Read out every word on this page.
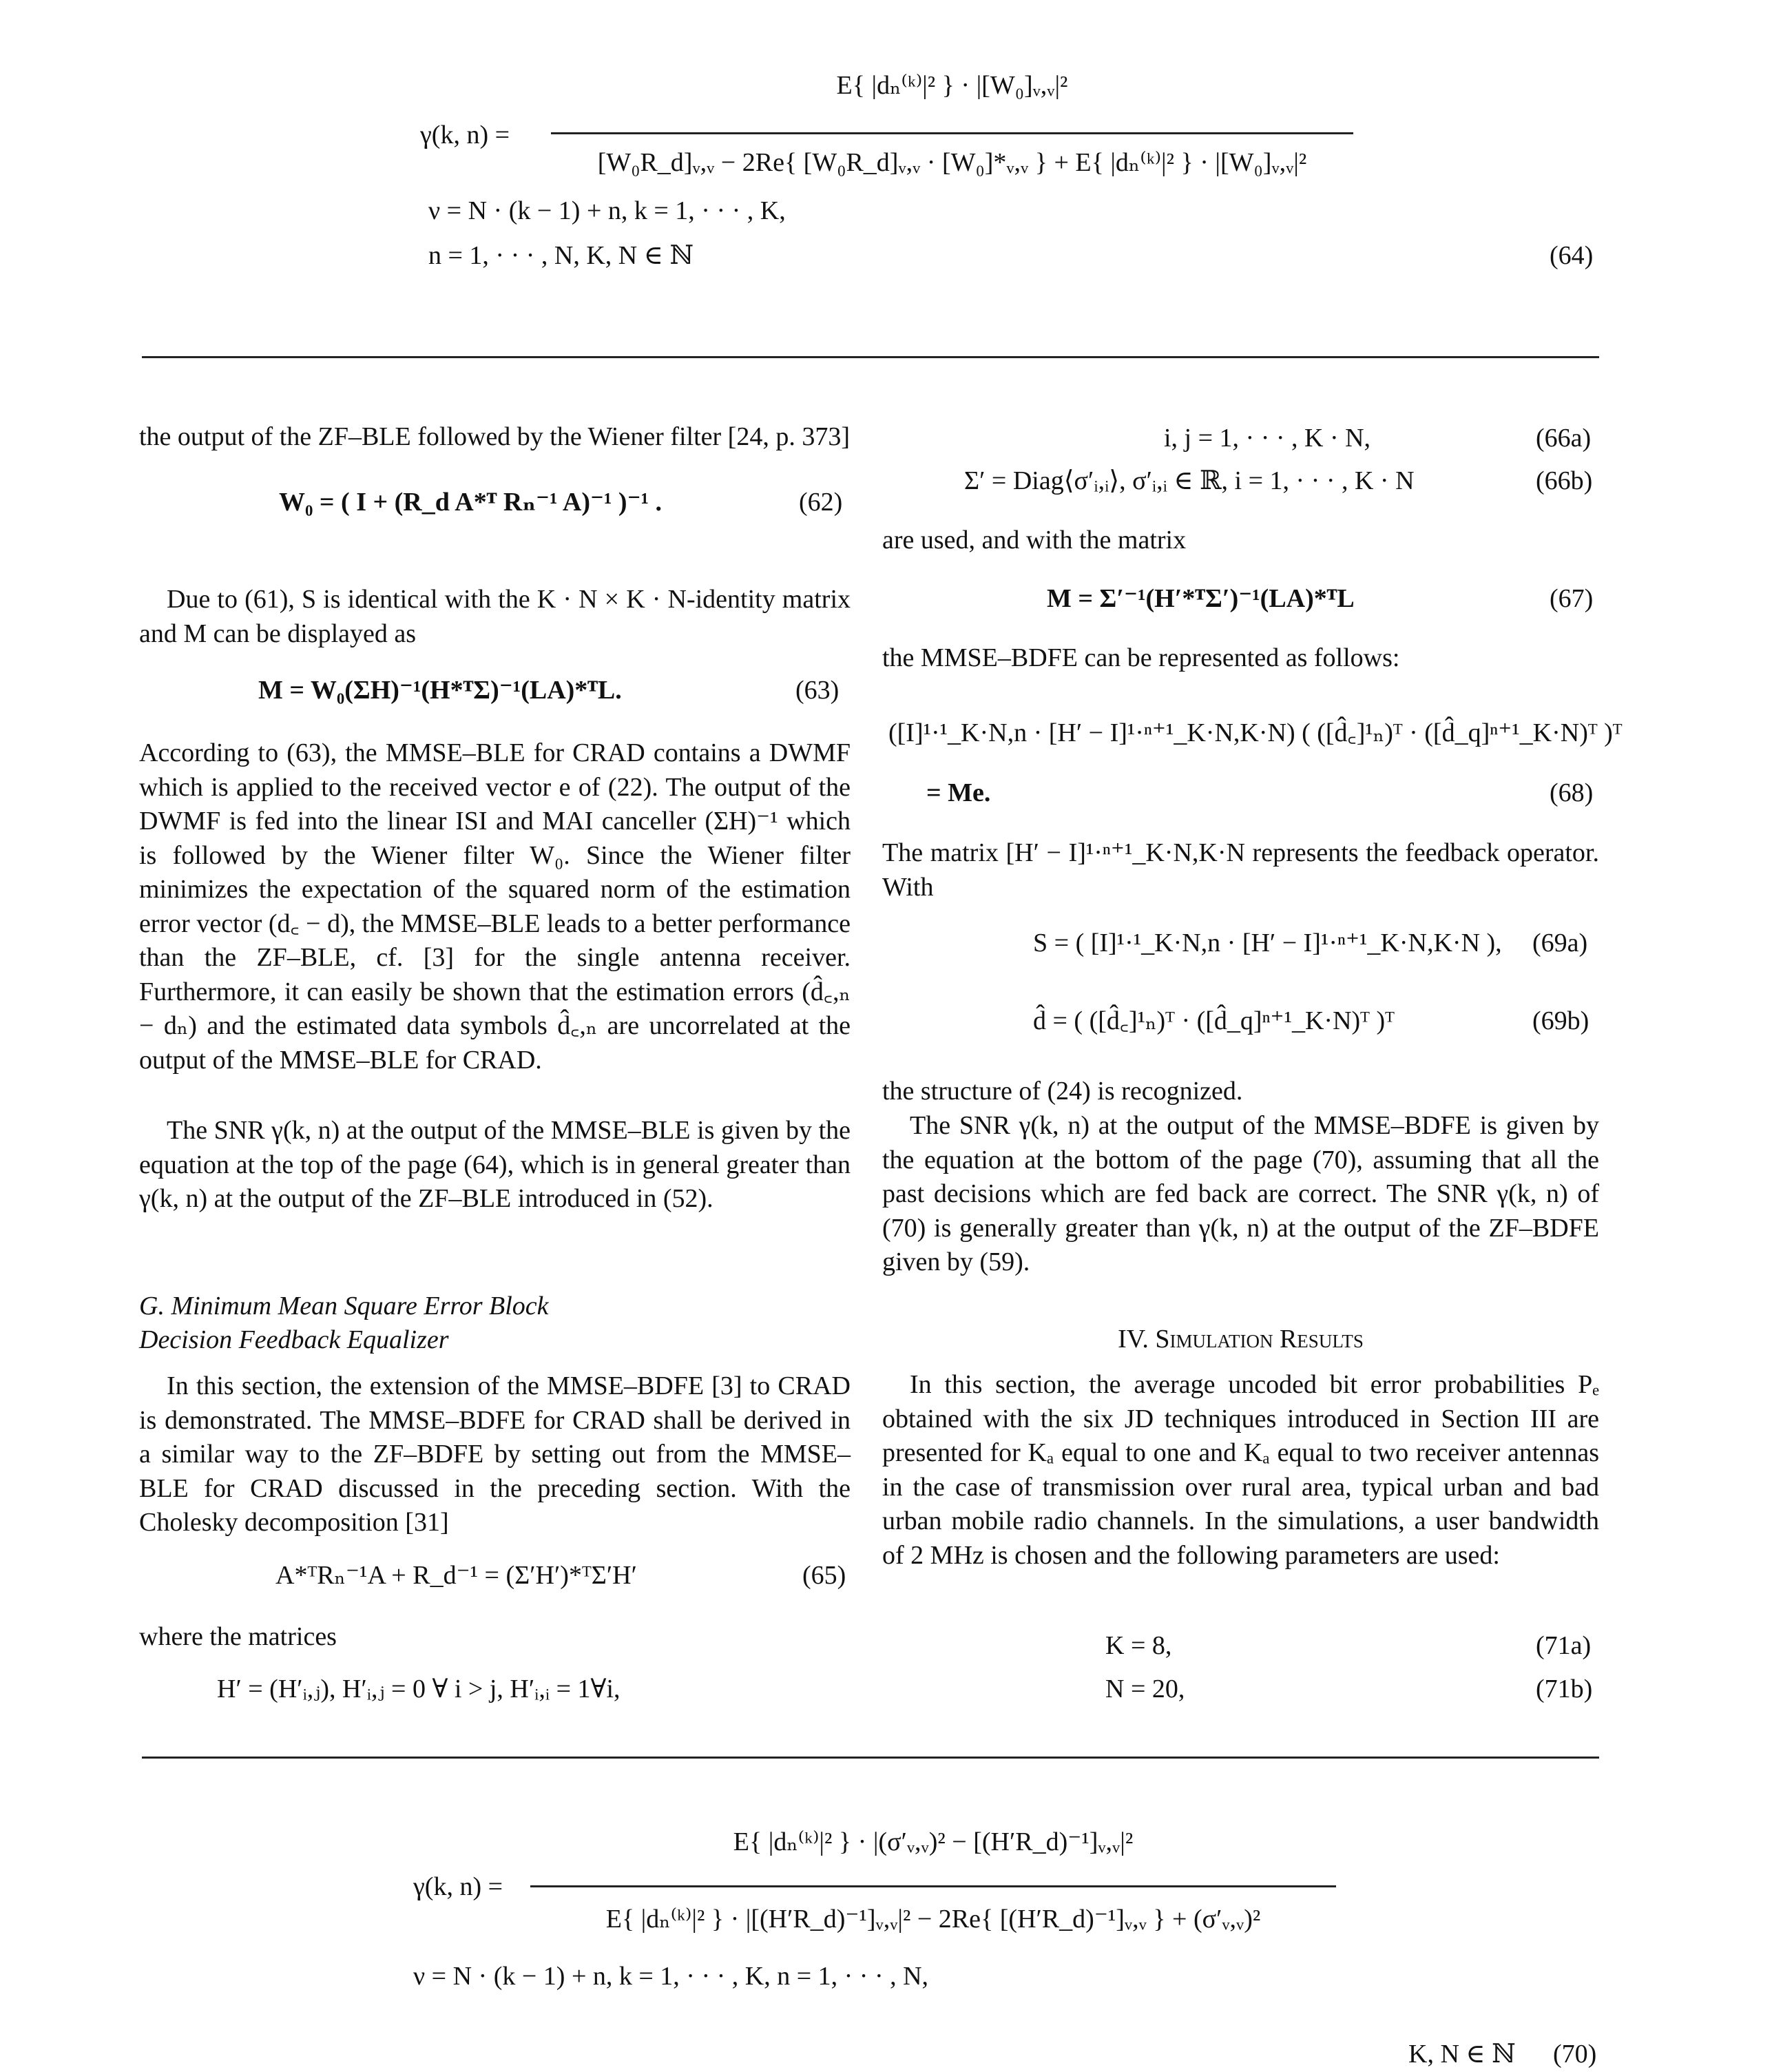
γ(k, n) =
E{ |dₙ⁽ᵏ⁾|² } · |[W₀]ᵥ,ᵥ|²
[W₀R_d]ᵥ,ᵥ − 2Re{ [W₀R_d]ᵥ,ᵥ · [W₀]*ᵥ,ᵥ } + E{ |dₙ⁽ᵏ⁾|² } · |[W₀]ᵥ,ᵥ|²
ν = N · (k − 1) + n, k = 1, · · · , K,
n = 1, · · · , N, K, N ∈ ℕ	(64)
the output of the ZF–BLE followed by the Wiener filter [24, p. 373]
W₀ = ( I + (R_d A*ᵀ Rₙ⁻¹ A)⁻¹ )⁻¹ .	(62)
Due to (61), S is identical with the K · N × K · N-identity matrix and M can be displayed as
M = W₀(ΣH)⁻¹(H*ᵀΣ)⁻¹(LA)*ᵀL.	(63)
According to (63), the MMSE–BLE for CRAD contains a DWMF which is applied to the received vector e of (22). The output of the DWMF is fed into the linear ISI and MAI canceller (ΣH)⁻¹ which is followed by the Wiener filter W₀. Since the Wiener filter minimizes the expectation of the squared norm of the estimation error vector (d꜀ − d), the MMSE–BLE leads to a better performance than the ZF–BLE, cf. [3] for the single antenna receiver. Furthermore, it can easily be shown that the estimation errors (d̂꜀,ₙ − dₙ) and the estimated data symbols d̂꜀,ₙ are uncorrelated at the output of the MMSE–BLE for CRAD.
The SNR γ(k, n) at the output of the MMSE–BLE is given by the equation at the top of the page (64), which is in general greater than γ(k, n) at the output of the ZF–BLE introduced in (52).
G. Minimum Mean Square Error Block
Decision Feedback Equalizer
In this section, the extension of the MMSE–BDFE [3] to CRAD is demonstrated. The MMSE–BDFE for CRAD shall be derived in a similar way to the ZF–BDFE by setting out from the MMSE–BLE for CRAD discussed in the preceding section. With the Cholesky decomposition [31]
A*ᵀRₙ⁻¹A + R_d⁻¹ = (Σ′H′)*ᵀΣ′H′	(65)
where the matrices
H′ = (H′ᵢ,ⱼ), H′ᵢ,ⱼ = 0 ∀ i > j, H′ᵢ,ᵢ = 1∀i,
i, j = 1, · · · , K · N,	(66a)
Σ′ = Diag⟨σ′ᵢ,ᵢ⟩, σ′ᵢ,ᵢ ∈ ℝ, i = 1, · · · , K · N	(66b)
are used, and with the matrix
M = Σ′⁻¹(H′*ᵀΣ′)⁻¹(LA)*ᵀL	(67)
the MMSE–BDFE can be represented as follows:
([I]¹·¹_K·N,n · [H′ − I]¹·ⁿ⁺¹_K·N,K·N) ( ([d̂꜀]¹ₙ)ᵀ · ([d̂_q]ⁿ⁺¹_K·N)ᵀ )ᵀ
= Me.	(68)
The matrix [H′ − I]¹·ⁿ⁺¹_K·N,K·N represents the feedback operator. With
S = ( [I]¹·¹_K·N,n · [H′ − I]¹·ⁿ⁺¹_K·N,K·N ), (69a)
d̂ = ( ([d̂꜀]¹ₙ)ᵀ · ([d̂_q]ⁿ⁺¹_K·N)ᵀ )ᵀ	(69b)
the structure of (24) is recognized.
The SNR γ(k, n) at the output of the MMSE–BDFE is given by the equation at the bottom of the page (70), assuming that all the past decisions which are fed back are correct. The SNR γ(k, n) of (70) is generally greater than γ(k, n) at the output of the ZF–BDFE given by (59).
IV. Simulation Results
In this section, the average uncoded bit error probabilities Pₑ obtained with the six JD techniques introduced in Section III are presented for Kₐ equal to one and Kₐ equal to two receiver antennas in the case of transmission over rural area, typical urban and bad urban mobile radio channels. In the simulations, a user bandwidth of 2 MHz is chosen and the following parameters are used:
K = 8,	(71a)
N = 20,	(71b)
γ(k, n) =
E{ |dₙ⁽ᵏ⁾|² } · |(σ′ᵥ,ᵥ)² − [(H′R_d)⁻¹]ᵥ,ᵥ|²
E{ |dₙ⁽ᵏ⁾|² } · |[(H′R_d)⁻¹]ᵥ,ᵥ|² − 2Re{ [(H′R_d)⁻¹]ᵥ,ᵥ } + (σ′ᵥ,ᵥ)²
ν = N · (k − 1) + n, k = 1, · · · , K, n = 1, · · · , N,
K, N ∈ ℕ (70)
